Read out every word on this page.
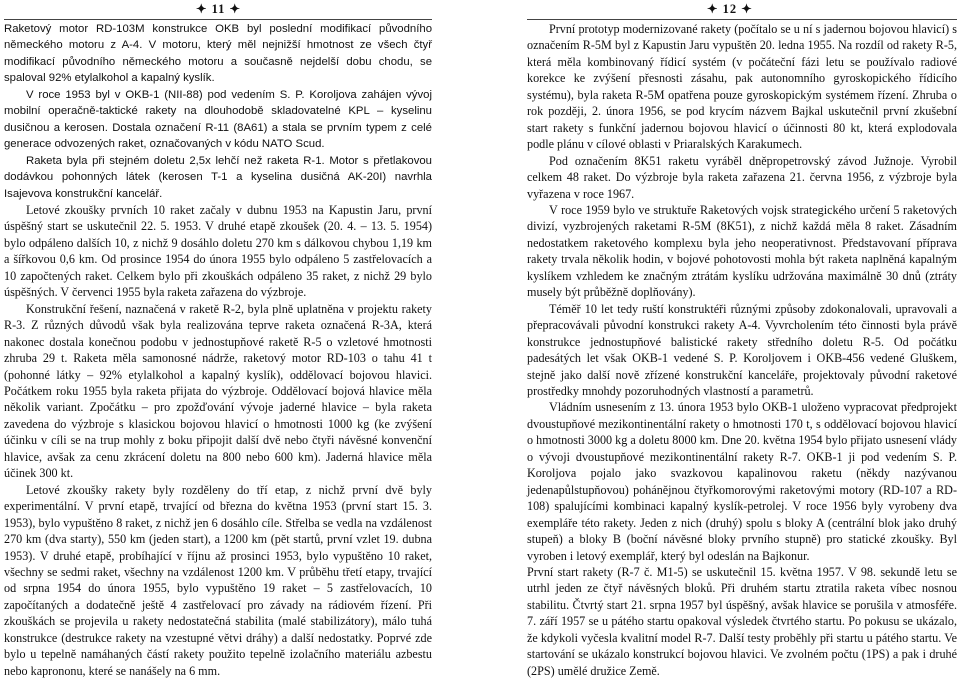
✦ 11 ✦

Raketový motor RD-103M konstrukce OKB byl poslední modifikací původního německého motoru z A-4. V motoru, který měl nejnižší hmotnost ze všech čtyř modifikací původního německého motoru a současně nejdelší dobu chodu, se spaloval 92% etylalkohol a kapalný kyslík.

V roce 1953 byl v OKB-1 (NII-88) pod vedením S. P. Koroljova zahájen vývoj mobilní operačně-taktické rakety na dlouhodobě skladovatelné KPL – kyselinu dusičnou a kerosen. Dostala označení R-11 (8A61) a stala se prvním typem z celé generace odvozených raket, označovaných v kódu NATO Scud.

Raketa byla při stejném doletu 2,5x lehčí než raketa R-1. Motor s přetlakovou dodávkou pohonných látek (kerosen T-1 a kyselina dusičná AK-20I) navrhla Isajevova konstrukční kancelář.

Letové zkoušky prvních 10 raket začaly v dubnu 1953 na Kapustin Jaru, první úspěšný start se uskutečnil 22. 5. 1953. V druhé etapě zkoušek (20. 4. – 13. 5. 1954) bylo odpáleno dalších 10, z nichž 9 dosáhlo doletu 270 km s dálkovou chybou 1,19 km a šířkovou 0,6 km. Od prosince 1954 do února 1955 bylo odpáleno 5 zastřelovacích a 10 započtených raket. Celkem bylo při zkouškách odpáleno 35 raket, z nichž 29 bylo úspěšných. V červenci 1955 byla raketa zařazena do výzbroje.

Konstrukční řešení, naznačená v raketě R-2, byla plně uplatněna v projektu rakety R-3. Z různých důvodů však byla realizována teprve raketa označená R-3A, která nakonec dostala konečnou podobu v jednostupňové raketě R-5 o vzletové hmotnosti zhruba 29 t. Raketa měla samonosné nádrže, raketový motor RD-103 o tahu 41 t (pohonné látky – 92% etylalkohol a kapalný kyslík), oddělovací bojovou hlavici. Počátkem roku 1955 byla raketa přijata do výzbroje. Oddělovací bojová hlavice měla několik variant. Zpočátku – pro zpožďování vývoje jaderné hlavice – byla raketa zavedena do výzbroje s klasickou bojovou hlavicí o hmotnosti 1000 kg (ke zvýšení účinku v cíli se na trup mohly z boku připojit další dvě nebo čtyři návěsné konvenční hlavice, avšak za cenu zkrácení doletu na 800 nebo 600 km). Jaderná hlavice měla účinek 300 kt.

Letové zkoušky rakety byly rozděleny do tří etap, z nichž první dvě byly experimentální. V první etapě, trvající od března do května 1953 (první start 15. 3. 1953), bylo vypuštěno 8 raket, z nichž jen 6 dosáhlo cíle. Střelba se vedla na vzdálenost 270 km (dva starty), 550 km (jeden start), a 1200 km (pět startů, první vzlet 19. dubna 1953). V druhé etapě, probíhající v říjnu až prosinci 1953, bylo vypuštěno 10 raket, všechny se sedmi raket, všechny na vzdálenost 1200 km. V průběhu třetí etapy, trvající od srpna 1954 do února 1955, bylo vypuštěno 19 raket – 5 zastřelovacích, 10 započítaných a dodatečně ještě 4 zastřelovací pro závady na rádiovém řízení. Při zkouškách se projevila u rakety nedostatečná stabilita (malé stabilizátory), málo tuhá konstrukce (destrukce rakety na vzestupné větvi dráhy) a další nedostatky. Poprvé zde bylo u tepelně namáhaných částí rakety použito tepelně izolačního materiálu azbestu nebo kaprononu, které se nanášely na 6 mm.

✦ 12 ✦

První prototyp modernizované rakety (počítalo se u ní s jadernou bojovou hlavicí) s označením R-5M byl z Kapustin Jaru vypuštěn 20. ledna 1955. Na rozdíl od rakety R-5, která měla kombinovaný řídicí systém (v počáteční fázi letu se používalo radiové korekce ke zvýšení přesnosti zásahu, pak autonomního gyroskopického řídicího systému), byla raketa R-5M opatřena pouze gyroskopickým systémem řízení. Zhruba o rok později, 2. února 1956, se pod krycím názvem Bajkal uskutečnil první zkušební start rakety s funkční jadernou bojovou hlavicí o účinnosti 80 kt, která explodovala podle plánu v cílové oblasti v Priaralských Karakumech.

Pod označením 8K51 raketu vyráběl dněpropetrovský závod Južnoje. Vyrobil celkem 48 raket. Do výzbroje byla raketa zařazena 21. června 1956, z výzbroje byla vyřazena v roce 1967.

V roce 1959 bylo ve struktuře Raketových vojsk strategického určení 5 raketových divizí, vyzbrojených raketami R-5M (8K51), z nichž každá měla 8 raket. Zásadním nedostatkem raketového komplexu byla jeho neoperativnost. Představovaní příprava rakety trvala několik hodin, v bojové pohotovosti mohla být raketa naplněná kapalným kyslíkem vzhledem ke značným ztrátám kyslíku udržována maximálně 30 dnů (ztráty musely být průběžně doplňovány).

Téměř 10 let tedy ruští konstruktéři různými způsoby zdokonalovali, upravovali a přepracovávali původní konstrukci rakety A-4. Vyvrcholením této činnosti byla právě konstrukce jednostupňové balistické rakety středního doletu R-5. Od počátku padesátých let však OKB-1 vedené S. P. Koroljovem i OKB-456 vedené Gluškem, stejně jako další nově zřízené konstrukční kanceláře, projektovaly původní raketové prostředky mnohdy pozoruhodných vlastností a parametrů.

Vládním usnesením z 13. února 1953 bylo OKB-1 uloženo vypracovat předprojekt dvoustupňové mezikontinentální rakety o hmotnosti 170 t, s oddělovací bojovou hlavicí o hmotnosti 3000 kg a doletu 8000 km. Dne 20. května 1954 bylo přijato usnesení vlády o vývoji dvoustupňové mezikontinentální rakety R-7. OKB-1 ji pod vedením S. P. Koroljova pojalo jako svazkovou kapalinovou raketu (někdy nazývanou jedenapůlstupňovou) pohánějnou čtyřkomorovými raketovými motory (RD-107 a RD-108) spalujícími kombinaci kapalný kyslík-petrolej. V roce 1956 byly vyrobeny dva exempláře této rakety. Jeden z nich (druhý) spolu s bloky A (centrální blok jako druhý stupeň) a bloky B (boční návěsné bloky prvního stupně) pro statické zkoušky. Byl vyroben i letový exemplář, který byl odeslán na Bajkonur.

První start rakety (R-7 č. M1-5) se uskutečnil 15. května 1957. V 98. sekundě letu se utrhl jeden ze čtyř návěsných bloků. Při druhém startu ztratila raketa víbec nosnou stabilitu. Čtvrtý start 21. srpna 1957 byl úspěšný, avšak hlavice se porušila v atmosféře. 7. září 1957 se u pátého startu opakoval výsledek čtvrtého startu. Po pokusu se ukázalo, že kdykoli vyčesla kvalitní model R-7. Další testy proběhly při startu u pátého startu. Ve startování se ukázalo konstrukcí bojovou hlavici. Ve zvolném počtu (1PS) a pak i druhé (2PS) umělé družice Země.
